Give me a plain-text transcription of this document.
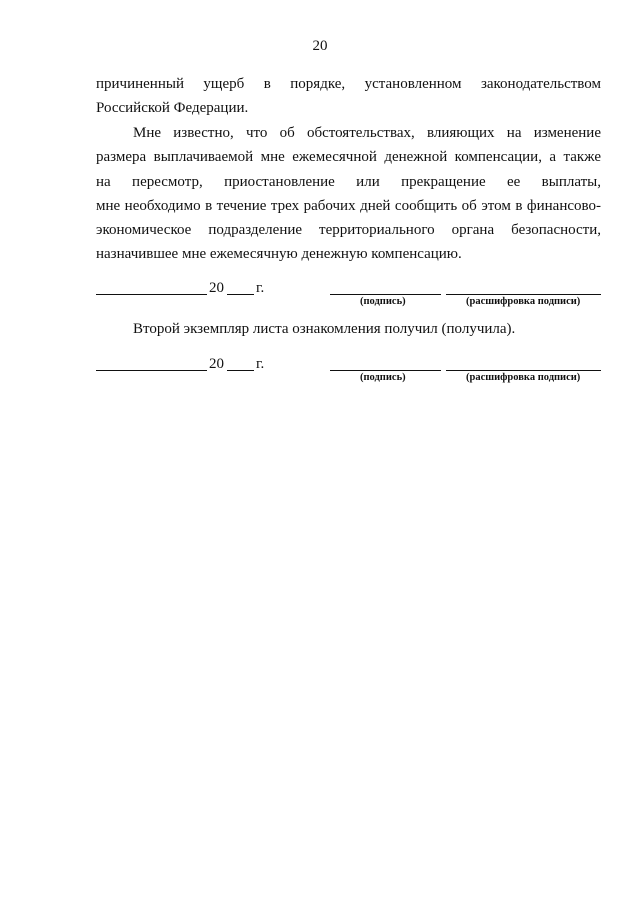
20
причиненный ущерб в порядке, установленном законодательством
Российской Федерации.
Мне известно, что об обстоятельствах, влияющих на изменение
размера выплачиваемой мне ежемесячной денежной компенсации, а также
на пересмотр, приостановление или прекращение ее выплаты,
мне необходимо в течение трех рабочих дней сообщить об этом в финансово-
экономическое подразделение территориального органа безопасности,
назначившее мне ежемесячную денежную компенсацию.
20 г.
(подпись)	(расшифровка подписи)
Второй экземпляр листа ознакомления получил (получила).
20 г.
(подпись)	(расшифровка подписи)
